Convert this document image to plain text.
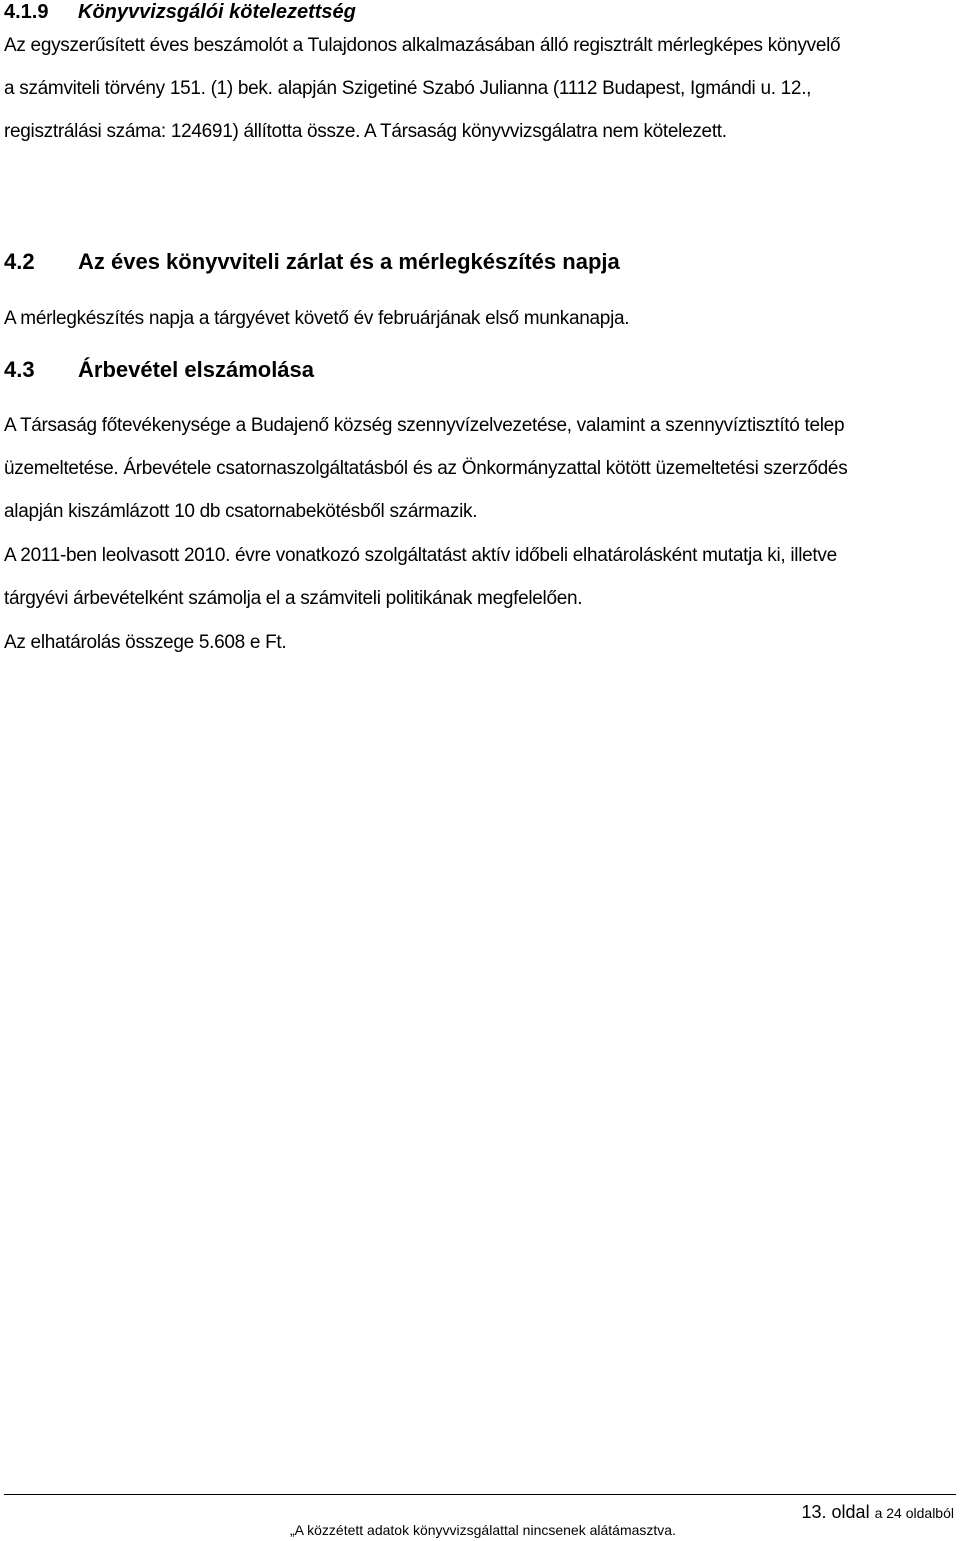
4.1.9 Könyvvizsgálói kötelezettség
Az egyszerűsített éves beszámolót a Tulajdonos alkalmazásában álló regisztrált mérlegképes könyvelő
a számviteli törvény 151. (1) bek. alapján Szigetiné Szabó Julianna (1112 Budapest, Igmándi u. 12.,
regisztrálási száma: 124691) állította össze. A Társaság könyvvizsgálatra nem kötelezett.
4.2 Az éves könyvviteli zárlat és a mérlegkészítés napja
A mérlegkészítés napja a tárgyévet követő év februárjának első munkanapja.
4.3 Árbevétel elszámolása
A Társaság főtevékenysége a Budajenő község szennyvízelvezetése, valamint a szennyvíztisztító telep
üzemeltetése. Árbevétele csatornaszolgáltatásból és az Önkormányzattal kötött üzemeltetési szerződés
alapján kiszámlázott 10 db csatornabekötésből származik.
A 2011-ben leolvasott 2010. évre vonatkozó szolgáltatást aktív időbeli elhatárolásként mutatja ki, illetve
tárgyévi árbevételként számolja el a számviteli politikának megfelelően.
Az elhatárolás összege 5.608 e Ft.
13. oldal a 24 oldalból
„A közzétett adatok könyvvizsgálattal nincsenek alátámasztva.
